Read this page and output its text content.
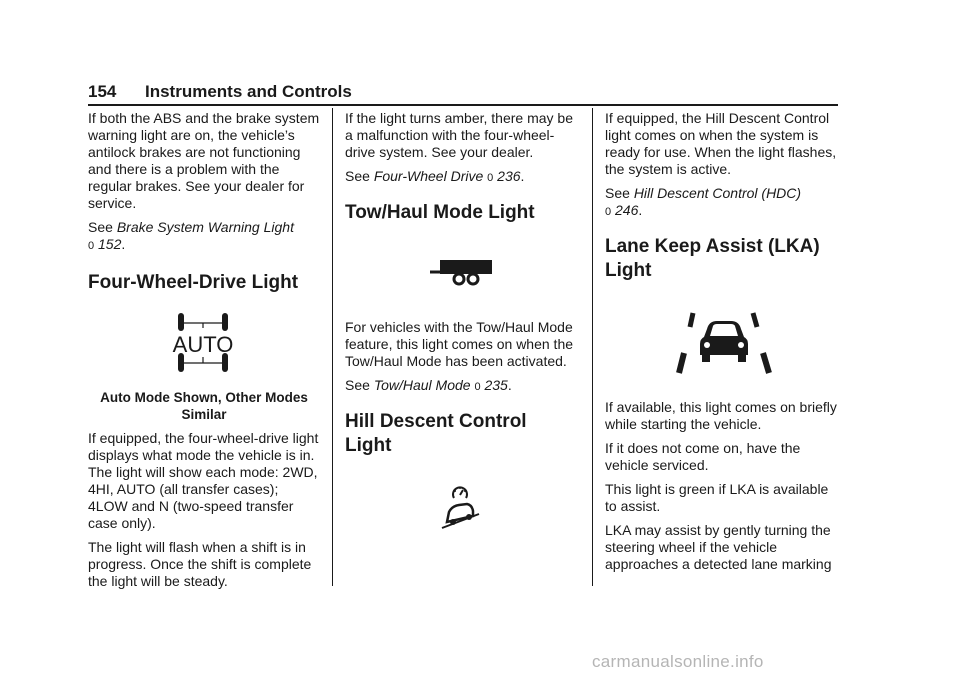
154 Instruments and Controls

If both the ABS and the brake system warning light are on, the vehicle’s antilock brakes are not functioning and there is a problem with the regular brakes. See your dealer for service.

See Brake System Warning Light
0 152.

Four-Wheel-Drive Light
AUTO

Auto Mode Shown, Other Modes Similar

If equipped, the four-wheel-drive light displays what mode the vehicle is in. The light will show each mode: 2WD, 4HI, AUTO (all transfer cases); 4LOW and N (two-speed transfer case only).

The light will flash when a shift is in progress. Once the shift is complete the light will be steady.

If the light turns amber, there may be a malfunction with the four-wheel-drive system. See your dealer.

See Four-Wheel Drive 0 236.

Tow/Haul Mode Light

For vehicles with the Tow/Haul Mode feature, this light comes on when the Tow/Haul Mode has been activated.

See Tow/Haul Mode 0 235.

Hill Descent Control Light

If equipped, the Hill Descent Control light comes on when the system is ready for use. When the light flashes, the system is active.

See Hill Descent Control (HDC)
0 246.

Lane Keep Assist (LKA)
Light

If available, this light comes on briefly while starting the vehicle.

If it does not come on, have the vehicle serviced.

This light is green if LKA is available to assist.

LKA may assist by gently turning the steering wheel if the vehicle approaches a detected lane marking

carmanualsonline.info
